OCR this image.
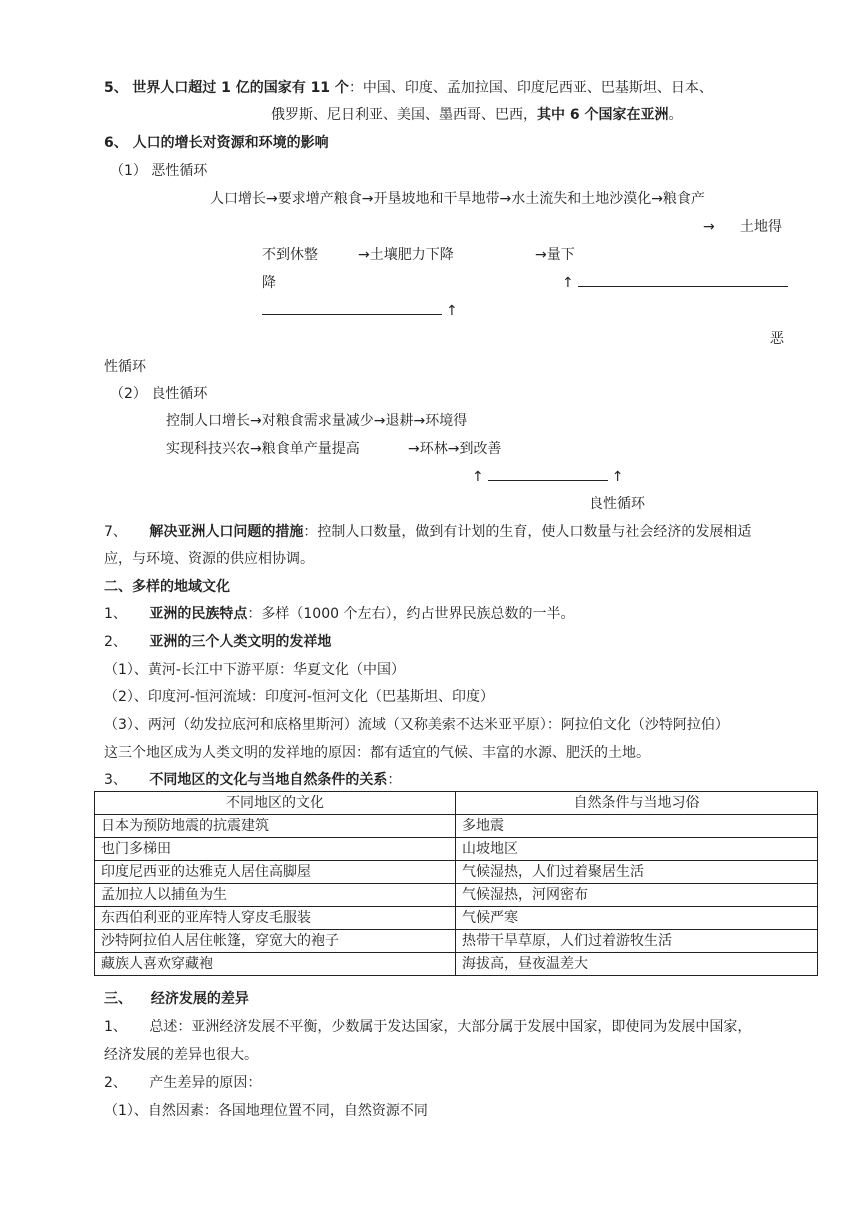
5、 世界人口超过 1 亿的国家有 11 个：中国、印度、孟加拉国、印度尼西亚、巴基斯坦、日本、
俄罗斯、尼日利亚、美国、墨西哥、巴西，其中 6 个国家在亚洲。
6、 人口的增长对资源和环境的影响
（1） 恶性循环
人口增长→要求增产粮食→开垦坡地和干旱地带→水土流失和土地沙漠化→粮食产
→ 土地得
不到休整	→土壤肥力下降	→量下
降	↑
↑
恶
性循环
（2） 良性循环
控制人口增长→对粮食需求量减少→退耕→环境得
实现科技兴农→粮食单产量提高	→环林→到改善
↑	↑
良性循环
7、 解决亚洲人口问题的措施：控制人口数量，做到有计划的生育，使人口数量与社会经济的发展相适
应，与环境、资源的供应相协调。
二、多样的地域文化
1、 亚洲的民族特点：多样（1000 个左右），约占世界民族总数的一半。
2、 亚洲的三个人类文明的发祥地
（1）、黄河-长江中下游平原：华夏文化（中国）
（2）、印度河-恒河流域：印度河-恒河文化（巴基斯坦、印度）
（3）、两河（幼发拉底河和底格里斯河）流域（又称美索不达米亚平原）：阿拉伯文化（沙特阿拉伯）
这三个地区成为人类文明的发祥地的原因：都有适宜的气候、丰富的水源、肥沃的土地。
3、 不同地区的文化与当地自然条件的关系：
不同地区的文化	自然条件与当地习俗
日本为预防地震的抗震建筑	多地震
也门多梯田	山坡地区
印度尼西亚的达雅克人居住高脚屋	气候湿热，人们过着聚居生活
孟加拉人以捕鱼为生	气候湿热，河网密布
东西伯利亚的亚库特人穿皮毛服装	气候严寒
沙特阿拉伯人居住帐篷，穿宽大的袍子	热带干旱草原，人们过着游牧生活
藏族人喜欢穿藏袍	海拔高，昼夜温差大
三、 经济发展的差异
1、 总述：亚洲经济发展不平衡，少数属于发达国家，大部分属于发展中国家，即使同为发展中国家，
经济发展的差异也很大。
2、 产生差异的原因：
（1）、自然因素：各国地理位置不同，自然资源不同
